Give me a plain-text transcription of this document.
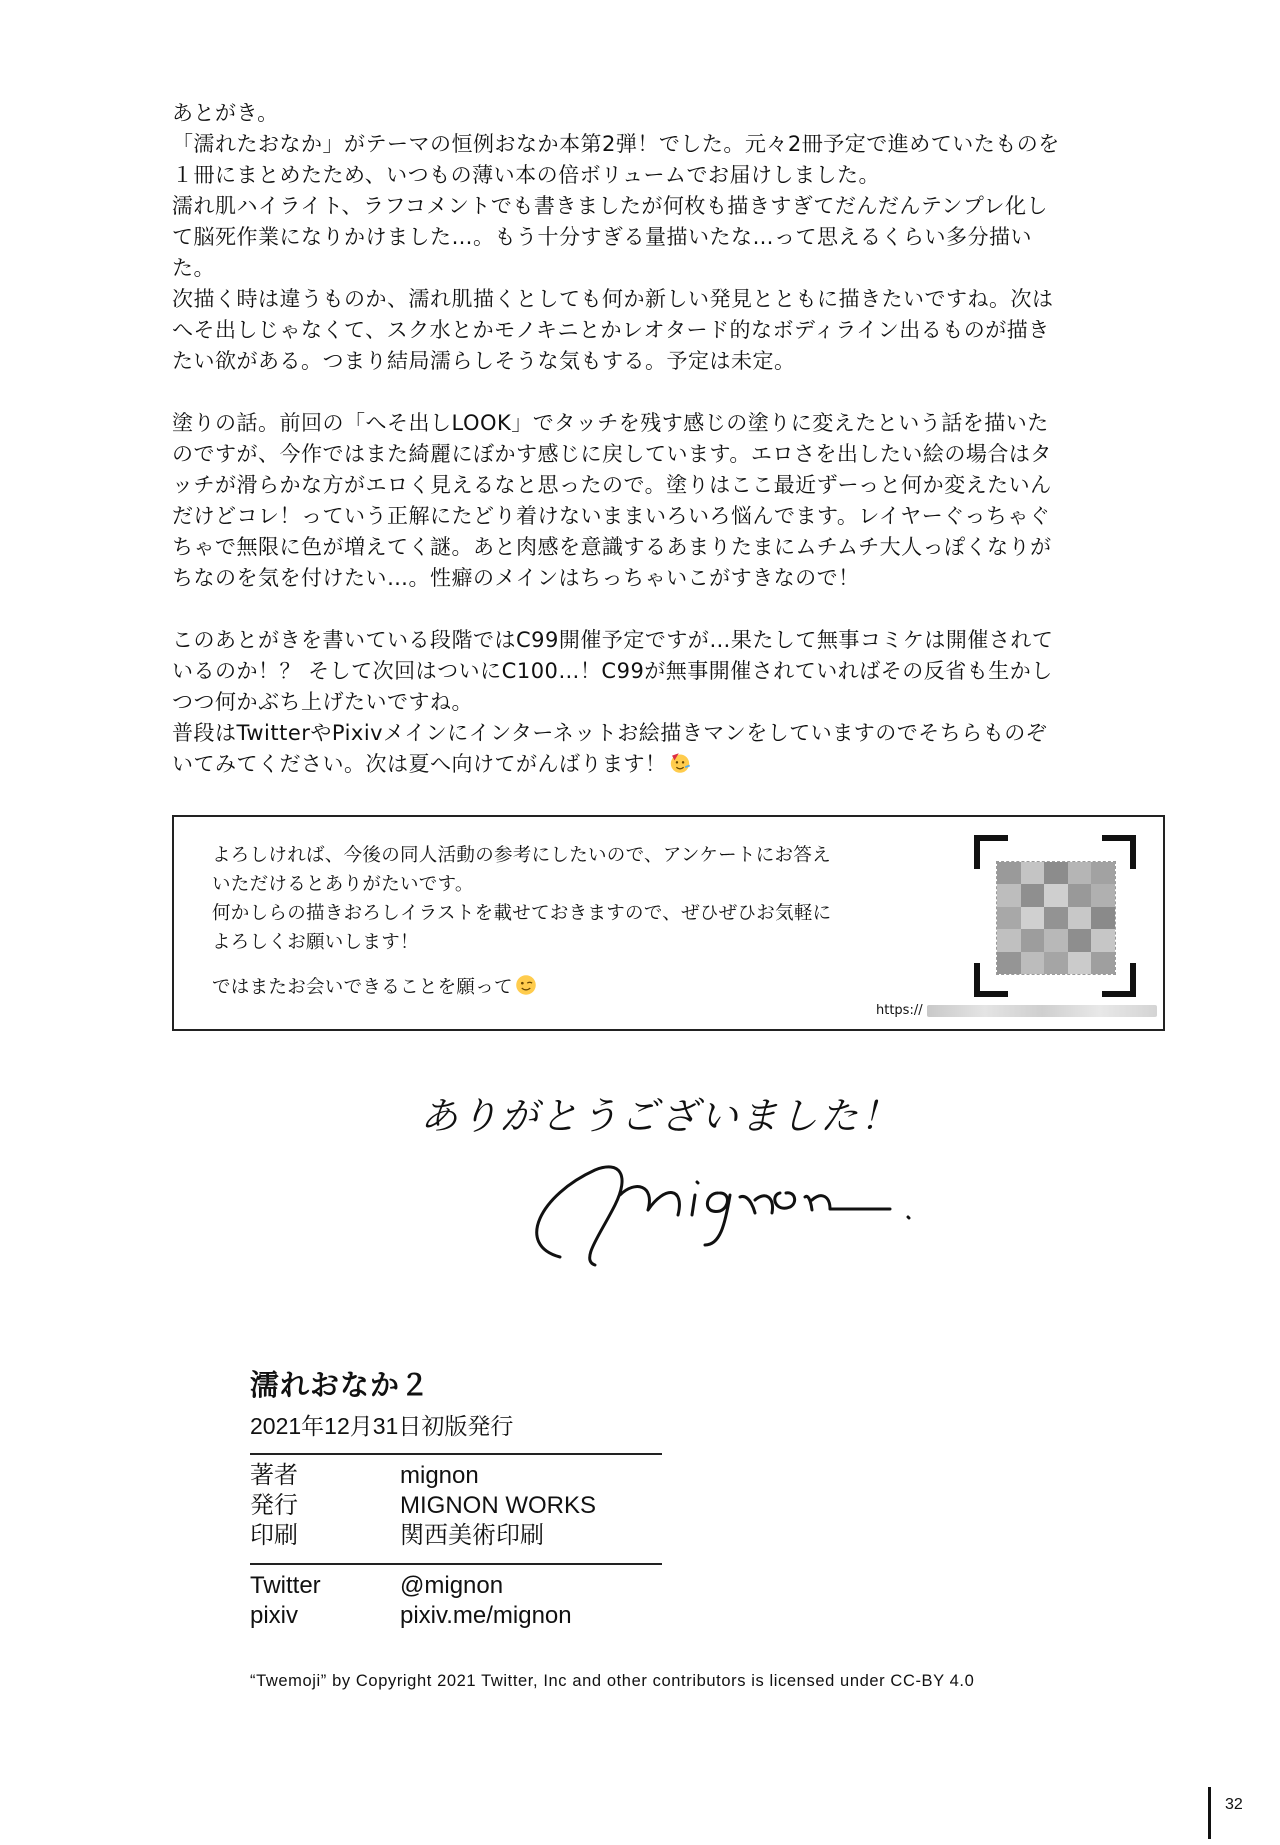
あとがき。
「濡れたおなか」がテーマの恒例おなか本第2弾！でした。元々2冊予定で進めていたものを
１冊にまとめたため、いつもの薄い本の倍ボリュームでお届けしました。
濡れ肌ハイライト、ラフコメントでも書きましたが何枚も描きすぎてだんだんテンプレ化し
て脳死作業になりかけました…。もう十分すぎる量描いたな…って思えるくらい多分描い
た。
次描く時は違うものか、濡れ肌描くとしても何か新しい発見とともに描きたいですね。次は
へそ出しじゃなくて、スク水とかモノキニとかレオタード的なボディライン出るものが描き
たい欲がある。つまり結局濡らしそうな気もする。予定は未定。

塗りの話。前回の「へそ出しLOOK」でタッチを残す感じの塗りに変えたという話を描いた
のですが、今作ではまた綺麗にぼかす感じに戻しています。エロさを出したい絵の場合はタ
ッチが滑らかな方がエロく見えるなと思ったので。塗りはここ最近ずーっと何か変えたいん
だけどコレ！っていう正解にたどり着けないままいろいろ悩んでます。レイヤーぐっちゃぐ
ちゃで無限に色が増えてく謎。あと肉感を意識するあまりたまにムチムチ大人っぽくなりが
ちなのを気を付けたい…。性癖のメインはちっちゃいこがすきなので！

このあとがきを書いている段階ではC99開催予定ですが…果たして無事コミケは開催されて
いるのか！？ そして次回はついにC100…！C99が無事開催されていればその反省も生かし
つつ何かぶち上げたいですね。
普段はTwitterやPixivメインにインターネットお絵描きマンをしていますのでそちらものぞ
いてみてください。次は夏へ向けてがんばります！

よろしければ、今後の同人活動の参考にしたいので、アンケートにお答え
いただけるとありがたいです。
何かしらの描きおろしイラストを載せておきますので、ぜひぜひお気軽に
よろしくお願いします！
ではまたお会いできることを願って
https://
ありがとうございました！
濡れおなか２

2021年12月31日初版発行

著者	mignon
発行	MIGNON WORKS
印刷	関西美術印刷
Twitter	@mignon
pixiv	pixiv.me/mignon
“Twemoji” by Copyright 2021 Twitter, Inc and other contributors is licensed under CC-BY 4.0
32
